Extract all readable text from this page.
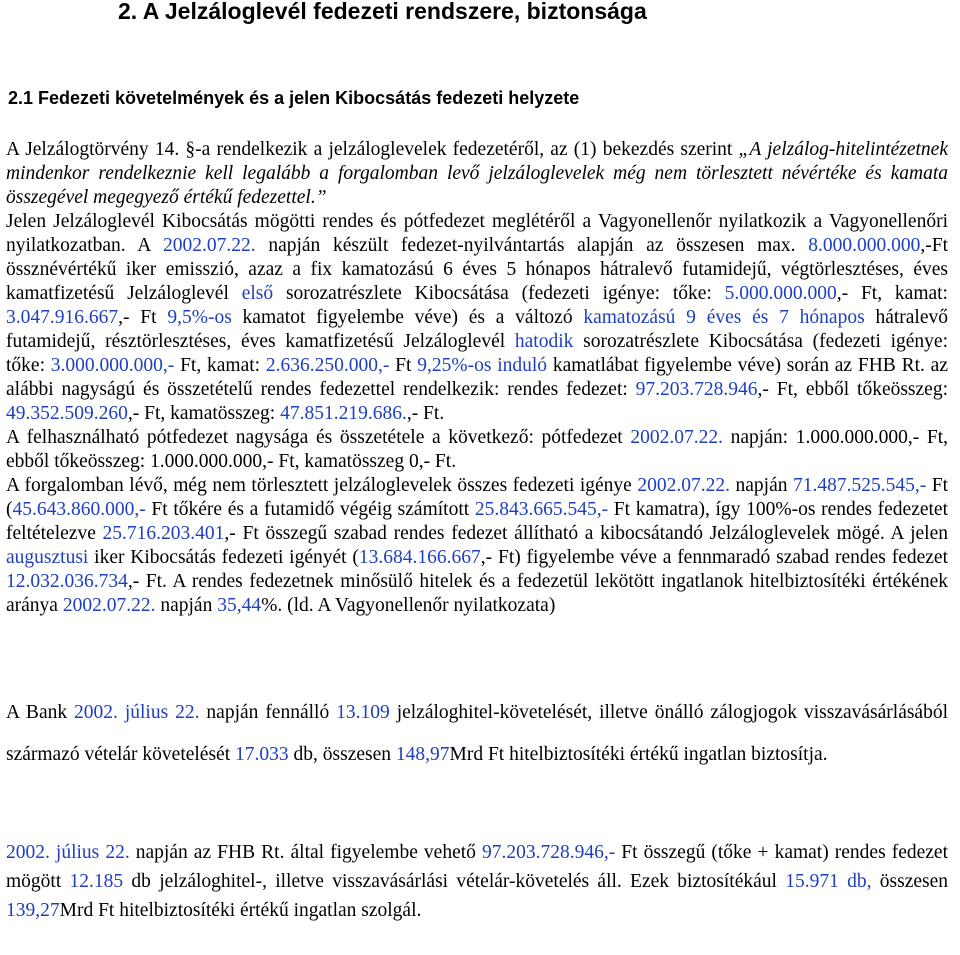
2. A Jelzáloglevél fedezeti rendszere, biztonsága
2.1 Fedezeti követelmények és a jelen Kibocsátás fedezeti helyzete

A Jelzálogtörvény 14. §-a rendelkezik a jelzáloglevelek fedezetéről, az (1) bekezdés szerint „A jelzálog-hitelintézetnek mindenkor rendelkeznie kell legalább a forgalomban levő jelzáloglevelek még nem törlesztett névértéke és kamata összegével megegyező értékű fedezettel.”

Jelen Jelzáloglevél Kibocsátás mögötti rendes és pótfedezet meglétéről a Vagyonellenőr nyilatkozik a Vagyonellenőri nyilatkozatban. A 2002.07.22. napján készült fedezet-nyilvántartás alapján az összesen max. 8.000.000.000,-Ft össznévértékű iker emisszió, azaz a fix kamatozású 6 éves 5 hónapos hátralevő futamidejű, végtörlesztéses, éves kamatfizetésű Jelzáloglevél első sorozatrészlete Kibocsátása (fedezeti igénye: tőke: 5.000.000.000,- Ft, kamat: 3.047.916.667,- Ft 9,5%-os kamatot figyelembe véve) és a változó kamatozású 9 éves és 7 hónapos hátralevő futamidejű, résztörlesztéses, éves kamatfizetésű Jelzáloglevél hatodik sorozatrészlete Kibocsátása (fedezeti igénye: tőke: 3.000.000.000,- Ft, kamat: 2.636.250.000,- Ft 9,25%-os induló kamatlábat figyelembe véve) során az FHB Rt. az alábbi nagyságú és összetételű rendes fedezettel rendelkezik: rendes fedezet: 97.203.728.946,- Ft, ebből tőkeösszeg: 49.352.509.260,- Ft, kamatösszeg: 47.851.219.686.,- Ft.

A felhasználható pótfedezet nagysága és összetétele a következő: pótfedezet 2002.07.22. napján: 1.000.000.000,- Ft, ebből tőkeösszeg: 1.000.000.000,- Ft, kamatösszeg 0,- Ft.

A forgalomban lévő, még nem törlesztett jelzáloglevelek összes fedezeti igénye 2002.07.22. napján 71.487.525.545,- Ft (45.643.860.000,- Ft tőkére és a futamidő végéig számított 25.843.665.545,- Ft kamatra), így 100%-os rendes fedezetet feltételezve 25.716.203.401,- Ft összegű szabad rendes fedezet állítható a kibocsátandó Jelzáloglevelek mögé. A jelen augusztusi iker Kibocsátás fedezeti igényét (13.684.166.667,- Ft) figyelembe véve a fennmaradó szabad rendes fedezet 12.032.036.734,- Ft. A rendes fedezetnek minősülő hitelek és a fedezetül lekötött ingatlanok hitelbiztosítéki értékének aránya 2002.07.22. napján 35,44%. (ld. A Vagyonellenőr nyilatkozata)

A Bank 2002. július 22. napján fennálló 13.109 jelzáloghitel-követelését, illetve önálló zálogjogok visszavásárlásából származó vételár követelését 17.033 db, összesen 148,97Mrd Ft hitelbiztosítéki értékű ingatlan biztosítja.
2002. július 22. napján az FHB Rt. által figyelembe vehető 97.203.728.946,- Ft összegű (tőke + kamat) rendes fedezet mögött 12.185 db jelzáloghitel-, illetve visszavásárlási vételár-követelés áll. Ezek biztosítékául 15.971 db, összesen 139,27Mrd Ft hitelbiztosítéki értékű ingatlan szolgál.
